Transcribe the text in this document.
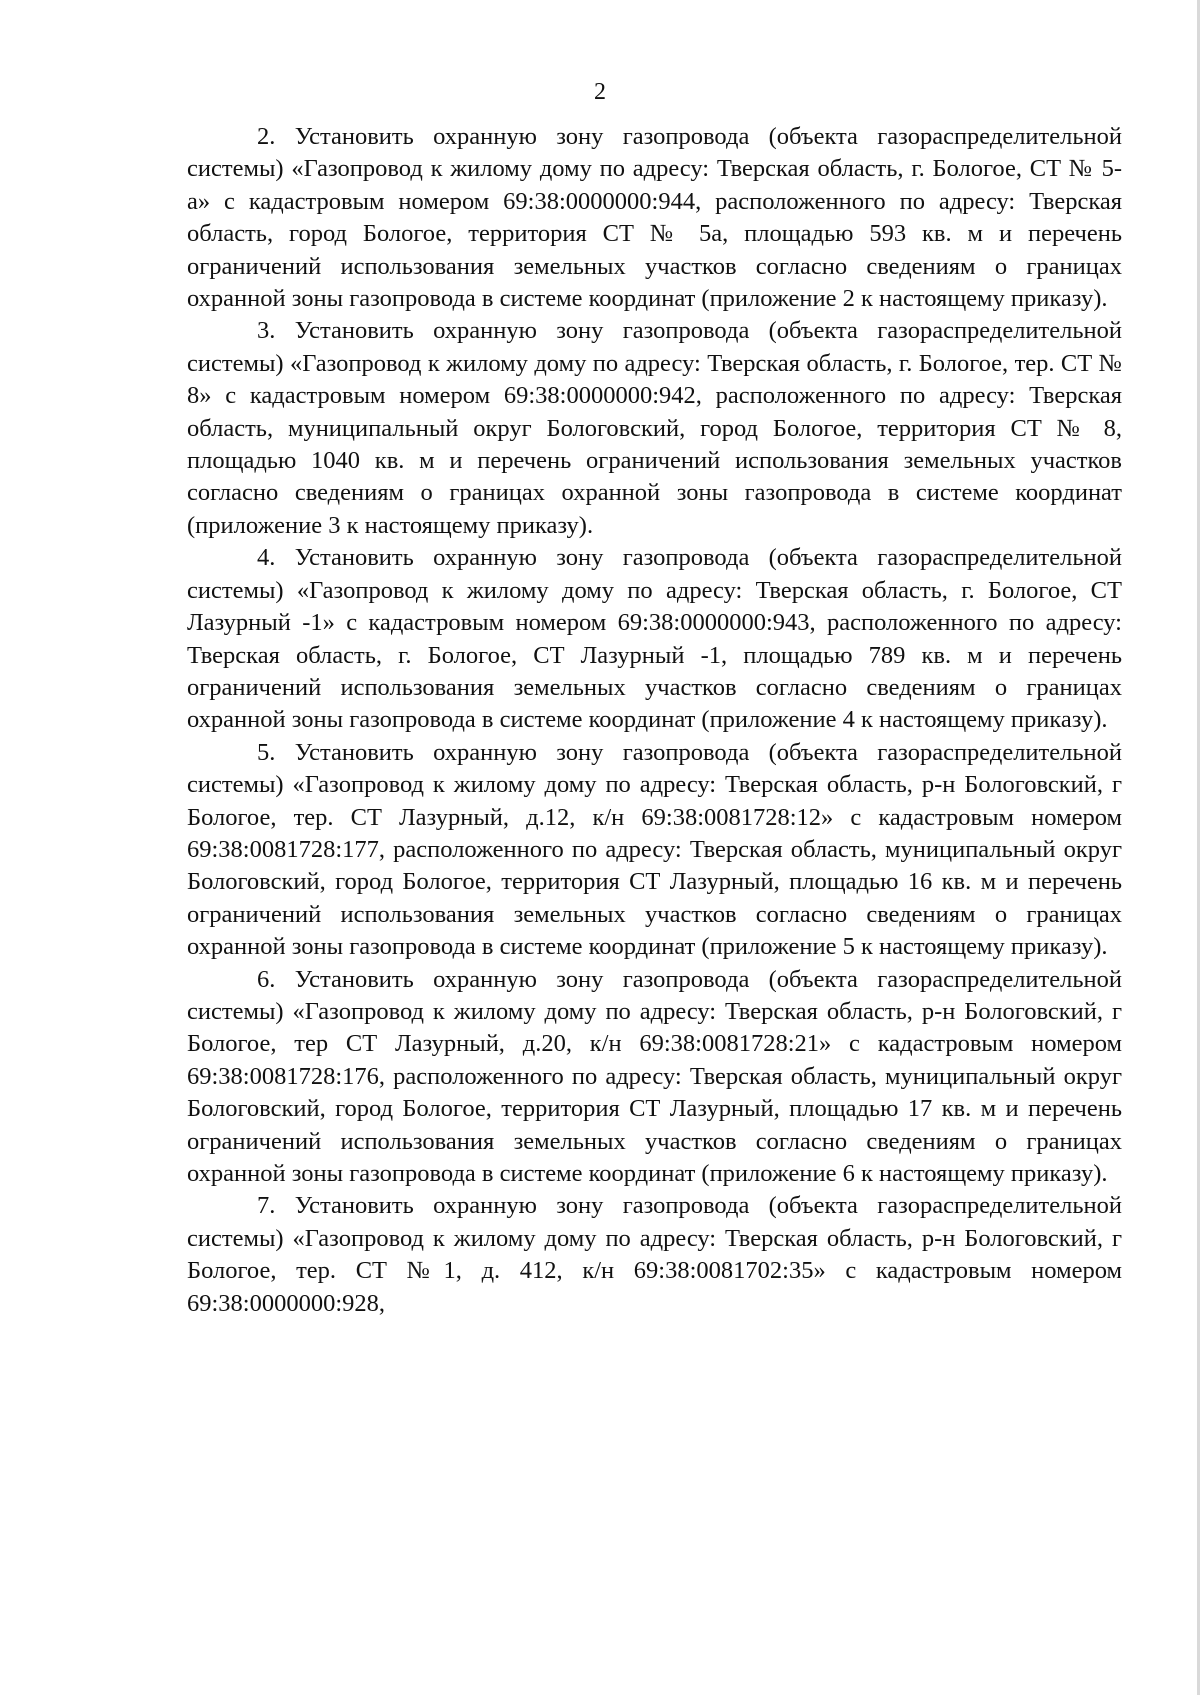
2

2. Установить охранную зону газопровода (объекта газораспределительной системы) «Газопровод к жилому дому по адресу: Тверская область, г. Бологое, СТ № 5-а» с кадастровым номером 69:38:0000000:944, расположенного по адресу: Тверская область, город Бологое, территория СТ № 5а, площадью 593 кв. м и перечень ограничений использования земельных участков согласно сведениям о границах охранной зоны газопровода в системе координат (приложение 2 к настоящему приказу).

3. Установить охранную зону газопровода (объекта газораспределительной системы) «Газопровод к жилому дому по адресу: Тверская область, г. Бологое, тер. СТ № 8» с кадастровым номером 69:38:0000000:942, расположенного по адресу: Тверская область, муниципальный округ Бологовский, город Бологое, территория СТ № 8, площадью 1040 кв. м и перечень ограничений использования земельных участков согласно сведениям о границах охранной зоны газопровода в системе координат (приложение 3 к настоящему приказу).

4. Установить охранную зону газопровода (объекта газораспределительной системы) «Газопровод к жилому дому по адресу: Тверская область, г. Бологое, СТ Лазурный -1» с кадастровым номером 69:38:0000000:943, расположенного по адресу: Тверская область, г. Бологое, СТ Лазурный -1, площадью 789 кв. м и перечень ограничений использования земельных участков согласно сведениям о границах охранной зоны газопровода в системе координат (приложение 4 к настоящему приказу).

5. Установить охранную зону газопровода (объекта газораспределительной системы) «Газопровод к жилому дому по адресу: Тверская область, р-н Бологовский, г Бологое, тер. СТ Лазурный, д.12, к/н 69:38:0081728:12» с кадастровым номером 69:38:0081728:177, расположенного по адресу: Тверская область, муниципальный округ Бологовский, город Бологое, территория СТ Лазурный, площадью 16 кв. м и перечень ограничений использования земельных участков согласно сведениям о границах охранной зоны газопровода в системе координат (приложение 5 к настоящему приказу).

6. Установить охранную зону газопровода (объекта газораспределительной системы) «Газопровод к жилому дому по адресу: Тверская область, р-н Бологовский, г Бологое, тер СТ Лазурный, д.20, к/н 69:38:0081728:21» с кадастровым номером 69:38:0081728:176, расположенного по адресу: Тверская область, муниципальный округ Бологовский, город Бологое, территория СТ Лазурный, площадью 17 кв. м и перечень ограничений использования земельных участков согласно сведениям о границах охранной зоны газопровода в системе координат (приложение 6 к настоящему приказу).

7. Установить охранную зону газопровода (объекта газораспределительной системы) «Газопровод к жилому дому по адресу: Тверская область, р-н Бологовский, г Бологое, тер. СТ №1, д. 412, к/н 69:38:0081702:35» с кадастровым номером 69:38:0000000:928,
